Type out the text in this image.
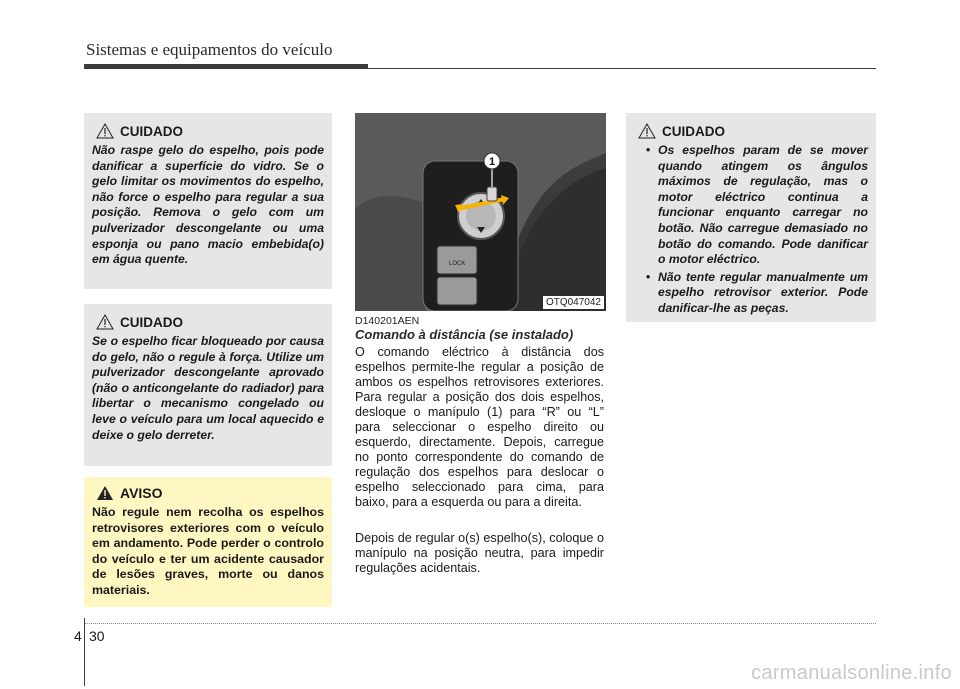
Sistemas e equipamentos do veículo
CUIDADO

Não raspe gelo do espelho, pois pode danificar a superfície do vidro. Se o gelo limitar os movimentos do espelho, não force o espelho para regular a sua posição. Remova o gelo com um pulverizador descongelante ou uma esponja ou pano macio embebida(o) em água quente.

CUIDADO

Se o espelho ficar bloqueado por causa do gelo, não o regule à força. Utilize um pulverizador descongelante aprovado (não o anticongelante do radiador) para libertar o mecanismo congelado ou leve o veículo para um local aquecido e deixe o gelo derreter.

AVISO

Não regule nem recolha os espelhos retrovisores exteriores com o veículo em andamento. Pode perder o controlo do veículo e ter um acidente causador de lesões graves, morte ou danos materiais.

LOCK
1
OTQ047042
D140201AEN
Comando à distância (se instalado)

O comando eléctrico à distância dos espelhos permite-lhe regular a posição de ambos os espelhos retrovisores exteriores. Para regular a posição dos dois espelhos, desloque o manípulo (1) para “R” ou “L” para seleccionar o espelho direito ou esquerdo, directamente. Depois, carregue no ponto correspondente do comando de regulação dos espelhos para deslocar o espelho seleccionado para cima, para baixo, para a esquerda ou para a direita.

Depois de regular o(s) espelho(s), coloque o manípulo na posição neutra, para impedir regulações acidentais.

CUIDADO
• Os espelhos param de se mover quando atingem os ângulos máximos de regulação, mas o motor eléctrico continua a funcionar enquanto carregar no botão. Não carregue demasiado no botão do comando. Pode danificar o motor eléctrico.
• Não tente regular manualmente um espelho retrovisor exterior. Pode danificar-lhe as peças.
4 30
carmanualsonline.info
